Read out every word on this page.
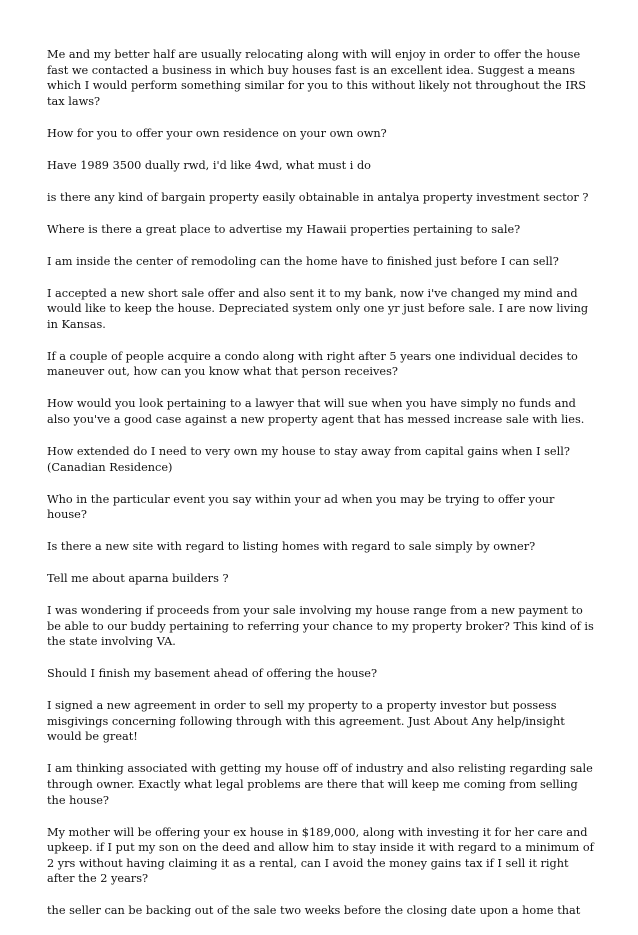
Me and my better half are usually relocating along with will enjoy in order to offer the house fast we contacted a business in which buy houses fast is an excellent idea. Suggest a means which I would perform something similar for you to this without likely not throughout the IRS tax laws?

How for you to offer your own residence on your own own?

Have 1989 3500 dually rwd, i'd like 4wd, what must i do

is there any kind of bargain property easily obtainable in antalya property investment sector ?

Where is there a great place to advertise my Hawaii properties pertaining to sale?

I am inside the center of remodoling can the home have to finished just before I can sell?

I accepted a new short sale offer and also sent it to my bank, now i've changed my mind and would like to keep the house. Depreciated system only one yr just before sale. I are now living in Kansas.

If a couple of people acquire a condo along with right after 5 years one individual decides to maneuver out, how can you know what that person receives?

How would you look pertaining to a lawyer that will sue when you have simply no funds and also you've a good case against a new property agent that has messed increase sale with lies.

How extended do I need to very own my house to stay away from capital gains when I sell? (Canadian Residence)

Who in the particular event you say within your ad when you may be trying to offer your house?

Is there a new site with regard to listing homes with regard to sale simply by owner?

Tell me about aparna builders ?

I was wondering if proceeds from your sale involving my house range from a new payment to be able to our buddy pertaining to referring your chance to my property broker? This kind of is the state involving VA.

Should I finish my basement ahead of offering the house?

I signed a new agreement in order to sell my property to a property investor but possess misgivings concerning following through with this agreement. Just About Any help/insight would be great!

I am thinking associated with getting my house off of industry and also relisting regarding sale through owner. Exactly what legal problems are there that will keep me coming from selling the house?

My mother will be offering your ex house in $189,000, along with investing it for her care and upkeep. if I put my son on the deed and allow him to stay inside it with regard to a minimum of 2 yrs without having claiming it as a rental, can I avoid the money gains tax if I sell it right after the 2 years?

the seller can be backing out of the sale two weeks before the closing date upon a home that
